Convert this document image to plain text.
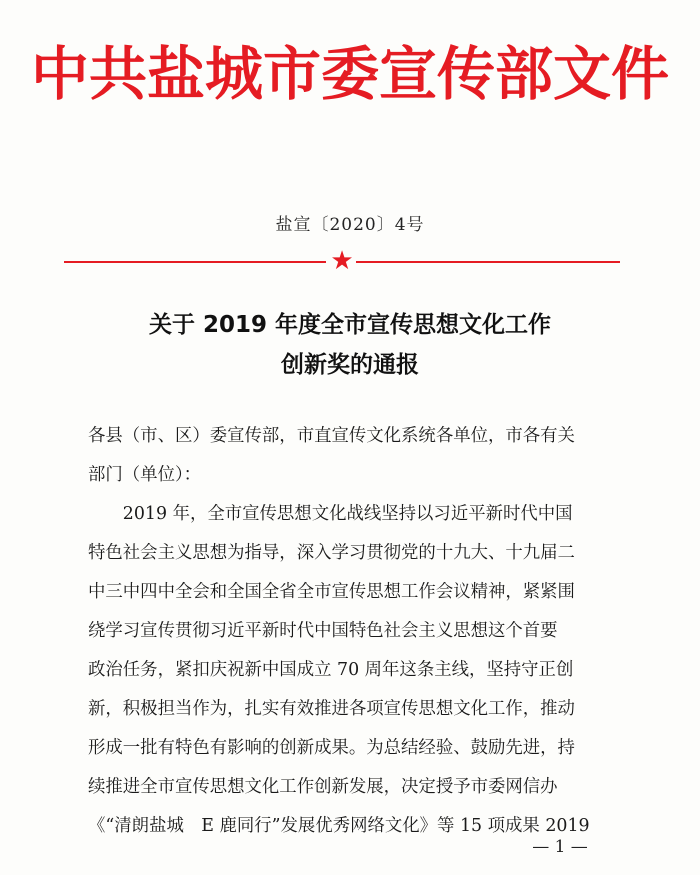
中共盐城市委宣传部文件
盐宣〔2020〕4号
★
关于 2019 年度全市宣传思想文化工作
创新奖的通报
各县（市、区）委宣传部，市直宣传文化系统各单位，市各有关
部门（单位）：
　　2019 年，全市宣传思想文化战线坚持以习近平新时代中国
特色社会主义思想为指导，深入学习贯彻党的十九大、十九届二
中三中四中全会和全国全省全市宣传思想工作会议精神，紧紧围
绕学习宣传贯彻习近平新时代中国特色社会主义思想这个首要
政治任务，紧扣庆祝新中国成立 70 周年这条主线，坚持守正创
新，积极担当作为，扎实有效推进各项宣传思想文化工作，推动
形成一批有特色有影响的创新成果。为总结经验、鼓励先进，持
续推进全市宣传思想文化工作创新发展，决定授予市委网信办
《“清朗盐城　E 鹿同行”发展优秀网络文化》等 15 项成果 2019
— 1 —
